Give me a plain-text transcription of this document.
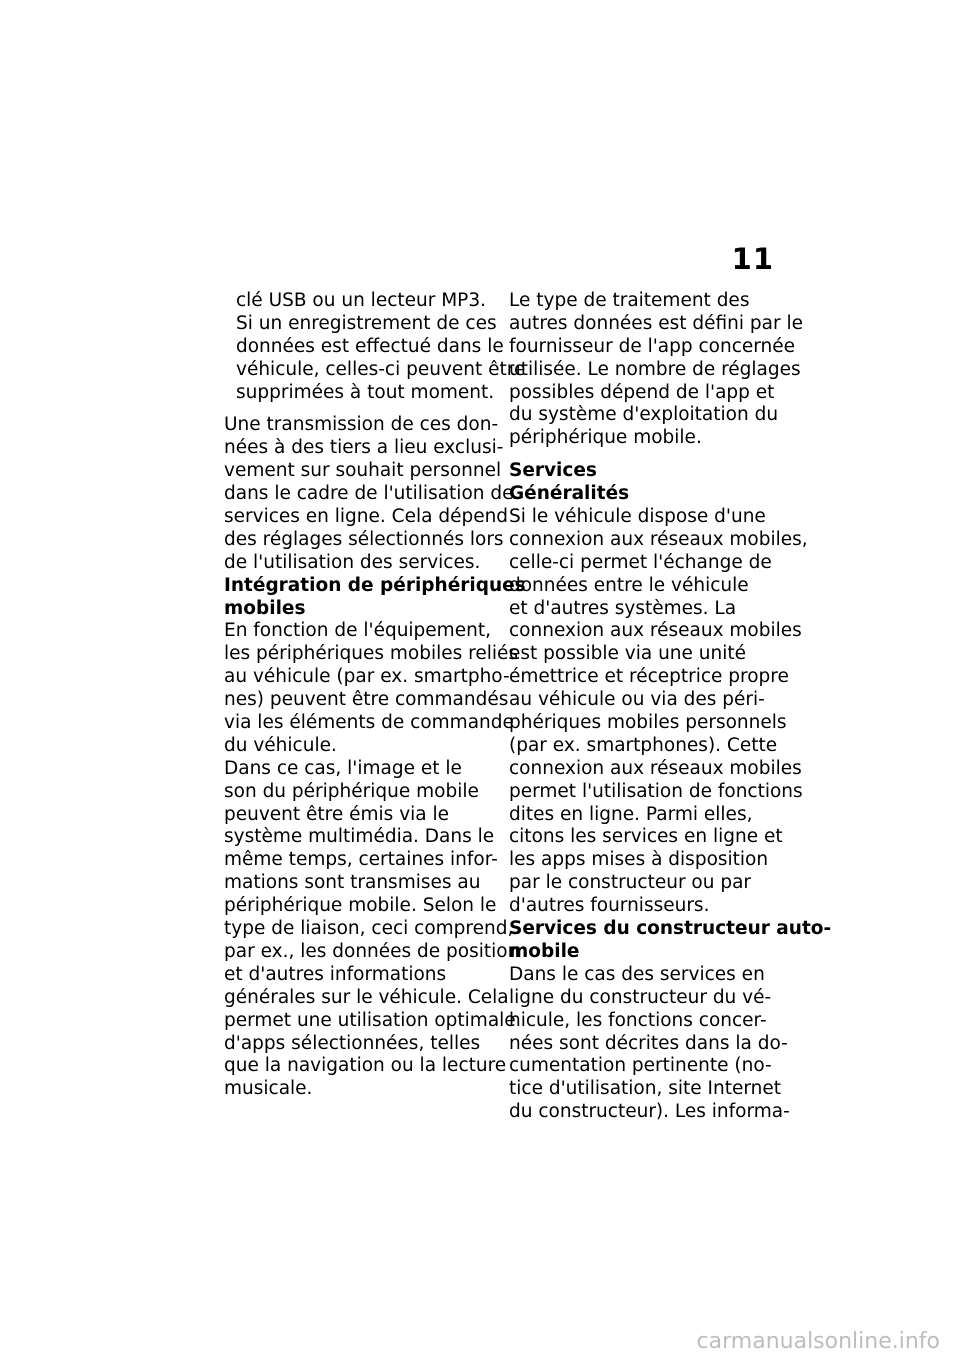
11
clé USB ou un lecteur MP3.
Si un enregistrement de ces
données est effectué dans le
véhicule, celles-ci peuvent être
supprimées à tout moment.
Une transmission de ces don-
nées à des tiers a lieu exclusi-
vement sur souhait personnel
dans le cadre de l'utilisation de
services en ligne. Cela dépend
des réglages sélectionnés lors
de l'utilisation des services.
Intégration de périphériques
mobiles
En fonction de l'équipement,
les périphériques mobiles reliés
au véhicule (par ex. smartpho-
nes) peuvent être commandés
via les éléments de commande
du véhicule.
Dans ce cas, l'image et le
son du périphérique mobile
peuvent être émis via le
système multimédia. Dans le
même temps, certaines infor-
mations sont transmises au
périphérique mobile. Selon le
type de liaison, ceci comprend,
par ex., les données de position
et d'autres informations
générales sur le véhicule. Cela
permet une utilisation optimale
d'apps sélectionnées, telles
que la navigation ou la lecture
musicale.
Le type de traitement des
autres données est défini par le
fournisseur de l'app concernée
utilisée. Le nombre de réglages
possibles dépend de l'app et
du système d'exploitation du
périphérique mobile.
Services
Généralités
Si le véhicule dispose d'une
connexion aux réseaux mobiles,
celle-ci permet l'échange de
données entre le véhicule
et d'autres systèmes. La
connexion aux réseaux mobiles
est possible via une unité
émettrice et réceptrice propre
au véhicule ou via des péri-
phériques mobiles personnels
(par ex. smartphones). Cette
connexion aux réseaux mobiles
permet l'utilisation de fonctions
dites en ligne. Parmi elles,
citons les services en ligne et
les apps mises à disposition
par le constructeur ou par
d'autres fournisseurs.
Services du constructeur auto-
mobile
Dans le cas des services en
ligne du constructeur du vé-
hicule, les fonctions concer-
nées sont décrites dans la do-
cumentation pertinente (no-
tice d'utilisation, site Internet
du constructeur). Les informa-
carmanualsonline.info
